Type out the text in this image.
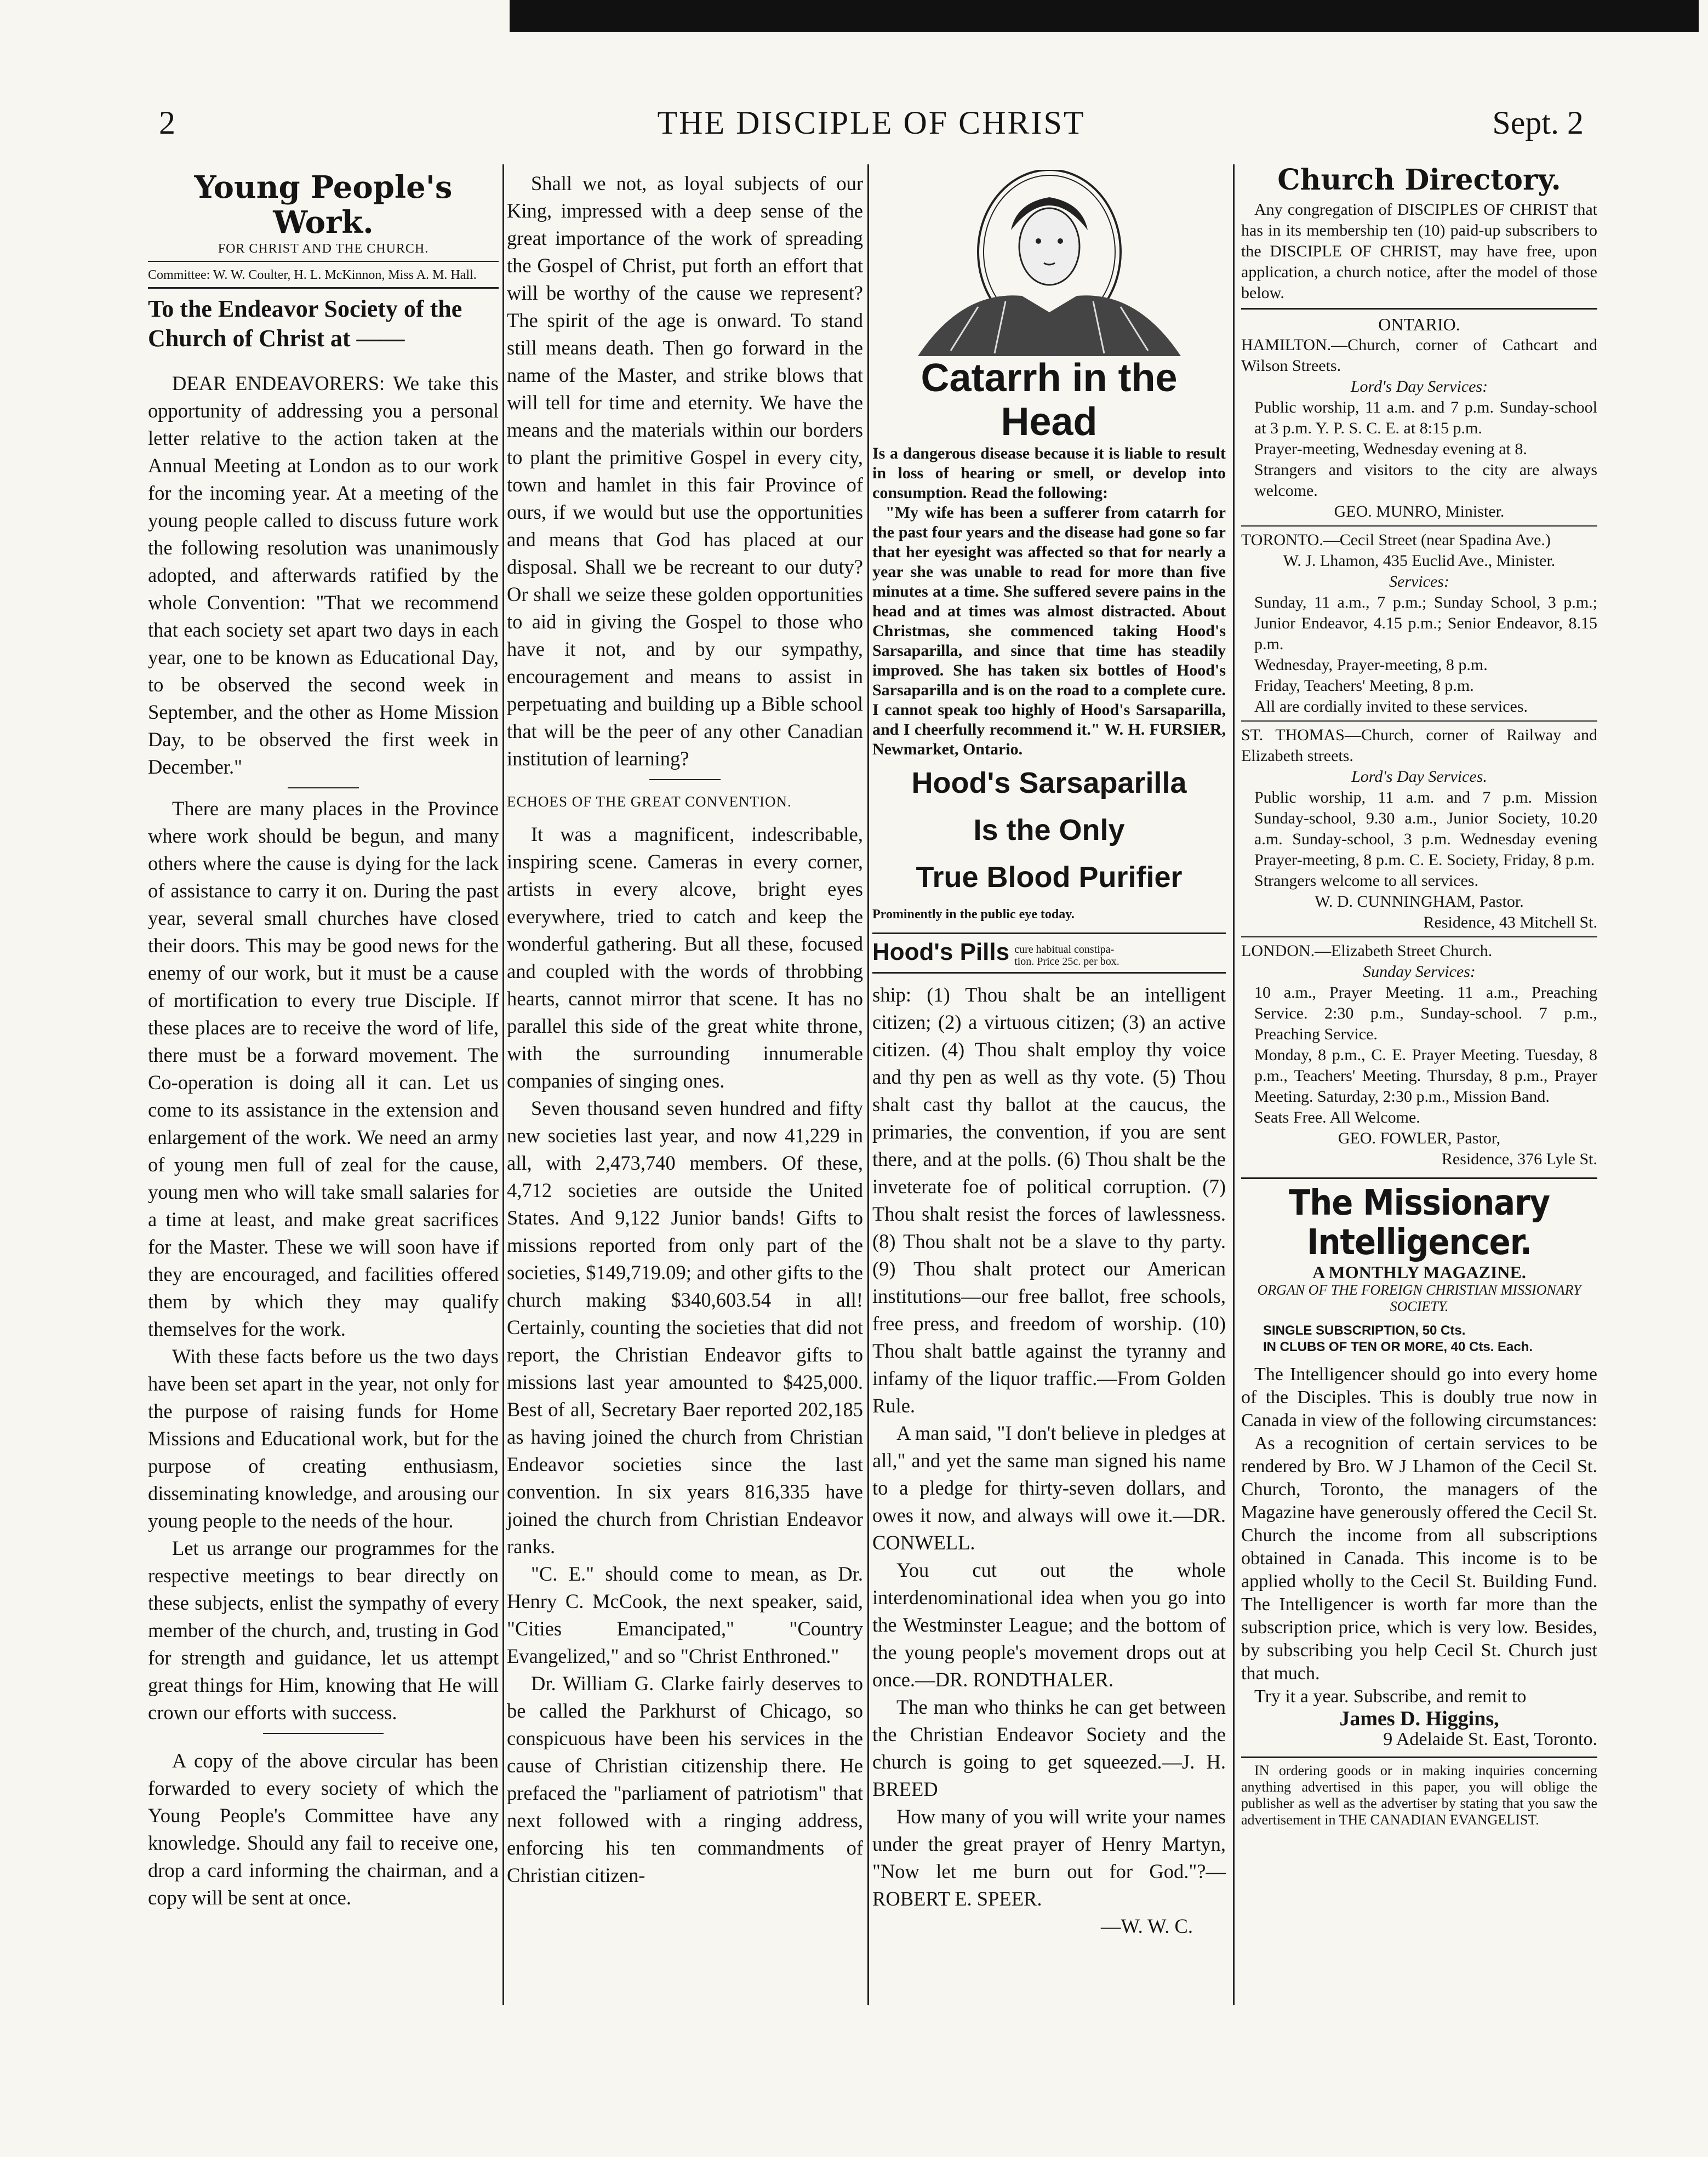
2	THE DISCIPLE OF CHRIST	Sept. 2
Young People's Work.
FOR CHRIST AND THE CHURCH.
Committee: W. W. Coulter, H. L. McKinnon, Miss A. M. Hall.
To the Endeavor Society of the Church of Christ at ——

DEAR ENDEAVORERS: We take this opportunity of addressing you a personal letter relative to the action taken at the Annual Meeting at London as to our work for the incoming year. At a meeting of the young people called to discuss future work the following resolution was unanimously adopted, and afterwards ratified by the whole Convention: "That we recommend that each society set apart two days in each year, one to be known as Educational Day, to be observed the second week in September, and the other as Home Mission Day, to be observed the first week in December."

There are many places in the Province where work should be begun, and many others where the cause is dying for the lack of assistance to carry it on. During the past year, several small churches have closed their doors. This may be good news for the enemy of our work, but it must be a cause of mortification to every true Disciple. If these places are to receive the word of life, there must be a forward movement. The Co-operation is doing all it can. Let us come to its assistance in the extension and enlargement of the work. We need an army of young men full of zeal for the cause, young men who will take small salaries for a time at least, and make great sacrifices for the Master. These we will soon have if they are encouraged, and facilities offered them by which they may qualify themselves for the work.

With these facts before us the two days have been set apart in the year, not only for the purpose of raising funds for Home Missions and Educational work, but for the purpose of creating enthusiasm, disseminating knowledge, and arousing our young people to the needs of the hour.

Let us arrange our programmes for the respective meetings to bear directly on these subjects, enlist the sympathy of every member of the church, and, trusting in God for strength and guidance, let us attempt great things for Him, knowing that He will crown our efforts with success.

A copy of the above circular has been forwarded to every society of which the Young People's Committee have any knowledge. Should any fail to receive one, drop a card informing the chairman, and a copy will be sent at once.

Shall we not, as loyal subjects of our King, impressed with a deep sense of the great importance of the work of spreading the Gospel of Christ, put forth an effort that will be worthy of the cause we represent? The spirit of the age is onward. To stand still means death. Then go forward in the name of the Master, and strike blows that will tell for time and eternity. We have the means and the materials within our borders to plant the primitive Gospel in every city, town and hamlet in this fair Province of ours, if we would but use the opportunities and means that God has placed at our disposal. Shall we be recreant to our duty? Or shall we seize these golden opportunities to aid in giving the Gospel to those who have it not, and by our sympathy, encouragement and means to assist in perpetuating and building up a Bible school that will be the peer of any other Canadian institution of learning?

ECHOES OF THE GREAT CONVENTION.

It was a magnificent, indescribable, inspiring scene. Cameras in every corner, artists in every alcove, bright eyes everywhere, tried to catch and keep the wonderful gathering. But all these, focused and coupled with the words of throbbing hearts, cannot mirror that scene. It has no parallel this side of the great white throne, with the surrounding innumerable companies of singing ones.

Seven thousand seven hundred and fifty new societies last year, and now 41,229 in all, with 2,473,740 members. Of these, 4,712 societies are outside the United States. And 9,122 Junior bands! Gifts to missions reported from only part of the societies, $149,719.09; and other gifts to the church making $340,603.54 in all! Certainly, counting the societies that did not report, the Christian Endeavor gifts to missions last year amounted to $425,000. Best of all, Secretary Baer reported 202,185 as having joined the church from Christian Endeavor societies since the last convention. In six years 816,335 have joined the church from Christian Endeavor ranks.

"C. E." should come to mean, as Dr. Henry C. McCook, the next speaker, said, "Cities Emancipated," "Country Evangelized," and so "Christ Enthroned."

Dr. William G. Clarke fairly deserves to be called the Parkhurst of Chicago, so conspicuous have been his services in the cause of Christian citizenship there. He prefaced the "parliament of patriotism" that next followed with a ringing address, enforcing his ten commandments of Christian citizen-

Catarrh in the Head

Is a dangerous disease because it is liable to result in loss of hearing or smell, or develop into consumption. Read the following:

"My wife has been a sufferer from catarrh for the past four years and the disease had gone so far that her eyesight was affected so that for nearly a year she was unable to read for more than five minutes at a time. She suffered severe pains in the head and at times was almost distracted. About Christmas, she commenced taking Hood's Sarsaparilla, and since that time has steadily improved. She has taken six bottles of Hood's Sarsaparilla and is on the road to a complete cure. I cannot speak too highly of Hood's Sarsaparilla, and I cheerfully recommend it." W. H. FURSIER, Newmarket, Ontario.

Hood's Sarsaparilla
Is the Only
True Blood Purifier
Prominently in the public eye today.
Hood's Pills cure habitual constipa-
tion. Price 25c. per box.

ship: (1) Thou shalt be an intelligent citizen; (2) a virtuous citizen; (3) an active citizen. (4) Thou shalt employ thy voice and thy pen as well as thy vote. (5) Thou shalt cast thy ballot at the caucus, the primaries, the convention, if you are sent there, and at the polls. (6) Thou shalt be the inveterate foe of political corruption. (7) Thou shalt resist the forces of lawlessness. (8) Thou shalt not be a slave to thy party. (9) Thou shalt protect our American institutions—our free ballot, free schools, free press, and freedom of worship. (10) Thou shalt battle against the tyranny and infamy of the liquor traffic.—From Golden Rule.

A man said, "I don't believe in pledges at all," and yet the same man signed his name to a pledge for thirty-seven dollars, and owes it now, and always will owe it.—DR. CONWELL.

You cut out the whole interdenominational idea when you go into the Westminster League; and the bottom of the young people's movement drops out at once.—DR. RONDTHALER.

The man who thinks he can get between the Christian Endeavor Society and the church is going to get squeezed.—J. H. BREED

How many of you will write your names under the great prayer of Henry Martyn, "Now let me burn out for God."?—ROBERT E. SPEER.

—W. W. C.
Church Directory.

Any congregation of DISCIPLES OF CHRIST that has in its membership ten (10) paid-up subscribers to the DISCIPLE OF CHRIST, may have free, upon application, a church notice, after the model of those below.

ONTARIO.

HAMILTON.—Church, corner of Cathcart and Wilson Streets.

Lord's Day Services:

Public worship, 11 a.m. and 7 p.m. Sunday-school at 3 p.m. Y. P. S. C. E. at 8:15 p.m.

Prayer-meeting, Wednesday evening at 8.

Strangers and visitors to the city are always welcome.

GEO. MUNRO, Minister.

TORONTO.—Cecil Street (near Spadina Ave.)

W. J. Lhamon, 435 Euclid Ave., Minister.
Services:

Sunday, 11 a.m., 7 p.m.; Sunday School, 3 p.m.; Junior Endeavor, 4.15 p.m.; Senior Endeavor, 8.15 p.m.

Wednesday, Prayer-meeting, 8 p.m.

Friday, Teachers' Meeting, 8 p.m.

All are cordially invited to these services.

ST. THOMAS—Church, corner of Railway and Elizabeth streets.

Lord's Day Services.

Public worship, 11 a.m. and 7 p.m. Mission Sunday-school, 9.30 a.m., Junior Society, 10.20 a.m. Sunday-school, 3 p.m. Wednesday evening Prayer-meeting, 8 p.m. C. E. Society, Friday, 8 p.m.

Strangers welcome to all services.

W. D. CUNNINGHAM, Pastor.
Residence, 43 Mitchell St.

LONDON.—Elizabeth Street Church.

Sunday Services:

10 a.m., Prayer Meeting. 11 a.m., Preaching Service. 2:30 p.m., Sunday-school. 7 p.m., Preaching Service.

Monday, 8 p.m., C. E. Prayer Meeting. Tuesday, 8 p.m., Teachers' Meeting. Thursday, 8 p.m., Prayer Meeting. Saturday, 2:30 p.m., Mission Band.

Seats Free. All Welcome.

GEO. FOWLER, Pastor,
Residence, 376 Lyle St.
The Missionary Intelligencer.
A MONTHLY MAGAZINE.
ORGAN OF THE FOREIGN CHRISTIAN MISSIONARY SOCIETY.
SINGLE SUBSCRIPTION, 50 Cts.
IN CLUBS OF TEN OR MORE, 40 Cts. Each.

The Intelligencer should go into every home of the Disciples. This is doubly true now in Canada in view of the following circumstances:

As a recognition of certain services to be rendered by Bro. W J Lhamon of the Cecil St. Church, Toronto, the managers of the Magazine have generously offered the Cecil St. Church the income from all subscriptions obtained in Canada. This income is to be applied wholly to the Cecil St. Building Fund. The Intelligencer is worth far more than the subscription price, which is very low. Besides, by subscribing you help Cecil St. Church just that much.

Try it a year. Subscribe, and remit to

James D. Higgins,
9 Adelaide St. East, Toronto.

IN ordering goods or in making inquiries concerning anything advertised in this paper, you will oblige the publisher as well as the advertiser by stating that you saw the advertisement in THE CANADIAN EVANGELIST.
